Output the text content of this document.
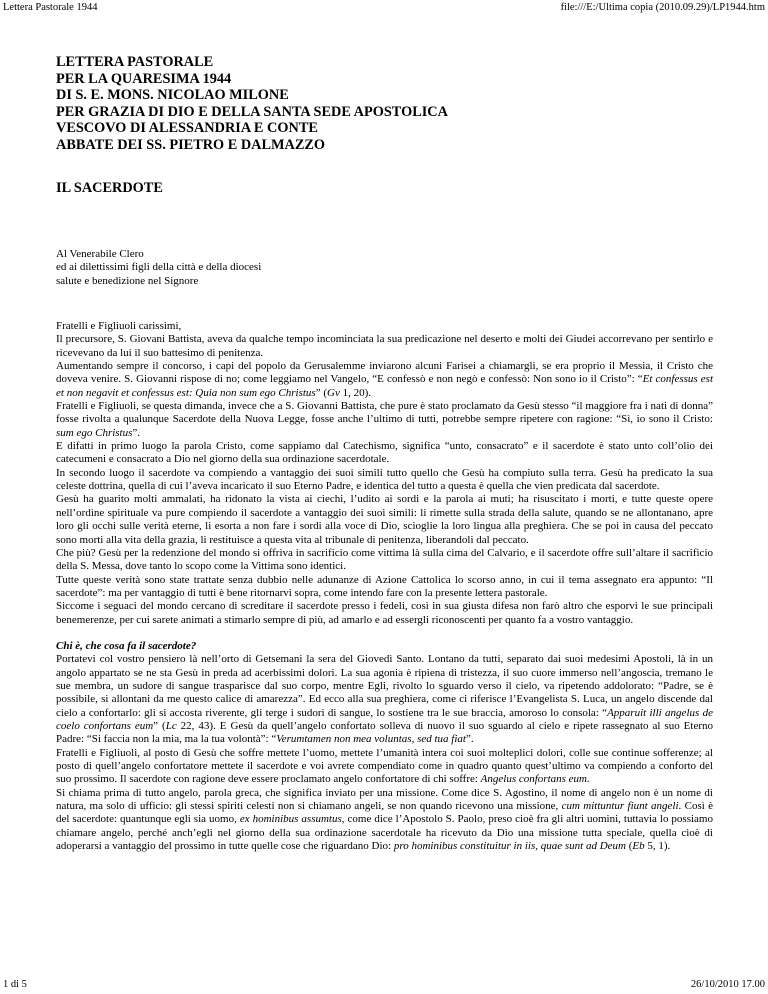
Lettera Pastorale 1944	file:///E:/Ultima copia (2010.09.29)/LP1944.htm
LETTERA PASTORALE
PER LA QUARESIMA 1944
DI S. E. MONS. NICOLAO MILONE
PER GRAZIA DI DIO E DELLA SANTA SEDE APOSTOLICA
VESCOVO DI ALESSANDRIA E CONTE
ABBATE DEI SS. PIETRO E DALMAZZO
IL SACERDOTE
Al Venerabile Clero
ed ai dilettissimi figli della città e della diocesi
salute e benedizione nel Signore

Fratelli e Figliuoli carissimi,

Il precursore, S. Giovani Battista, aveva da qualche tempo incominciata la sua predicazione nel deserto e molti dei Giudei accorrevano per sentirlo e ricevevano da lui il suo battesimo di penitenza.

Aumentando sempre il concorso, i capi del popolo da Gerusalemme inviarono alcuni Farisei a chiamargli, se era proprio il Messia, il Cristo che doveva venire. S. Giovanni rispose di no; come leggiamo nel Vangelo, “E confessò e non negò e confessò: Non sono io il Cristo”: “Et confessus est et non negavit et confessus est: Quia non sum ego Christus” (Gv 1, 20).

Fratelli e Figliuoli, se questa dimanda, invece che a S. Giovanni Battista, che pure è stato proclamato da Gesù stesso “il maggiore fra i nati di donna” fosse rivolta a qualunque Sacerdote della Nuova Legge, fosse anche l’ultimo di tutti, potrebbe sempre ripetere con ragione: “Sì, io sono il Cristo: sum ego Christus”.

E difatti in primo luogo la parola Cristo, come sappiamo dal Catechismo, significa “unto, consacrato” e il sacerdote è stato unto coll’olio dei catecumeni e consacrato a Dio nel giorno della sua ordinazione sacerdotale.

In secondo luogo il sacerdote va compiendo a vantaggio dei suoi simili tutto quello che Gesù ha compiuto sulla terra. Gesù ha predicato la sua celeste dottrina, quella di cui l’aveva incaricato il suo Eterno Padre, e identica del tutto a questa è quella che vien predicata dal sacerdote.

Gesù ha guarito molti ammalati, ha ridonato la vista ai ciechi, l’udito ai sordi e la parola ai muti; ha risuscitato i morti, e tutte queste opere nell’ordine spirituale va pure compiendo il sacerdote a vantaggio dei suoi simili: li rimette sulla strada della salute, quando se ne allontanano, apre loro gli occhi sulle verità eterne, li esorta a non fare i sordi alla voce di Dio, scioglie la loro lingua alla preghiera. Che se poi in causa del peccato sono morti alla vita della grazia, li restituisce a questa vita al tribunale di penitenza, liberandoli dal peccato.

Che più? Gesù per la redenzione del mondo si offrìva in sacrificio come vittima là sulla cima del Calvario, e il sacerdote offre sull’altare il sacrificio della S. Messa, dove tanto lo scopo come la Vittima sono identici.

Tutte queste verità sono state trattate senza dubbio nelle adunanze di Azione Cattolica lo scorso anno, in cui il tema assegnato era appunto: “Il sacerdote”: ma per vantaggio di tutti è bene ritornarvi sopra, come intendo fare con la presente lettera pastorale.

Siccome i seguaci del mondo cercano di screditare il sacerdote presso i fedeli, così in sua giusta difesa non farò altro che esporvi le sue principali benemerenze, per cui sarete animati a stimarlo sempre di più, ad amarlo e ad essergli riconoscenti per quanto fa a vostro vantaggio.

Chi è, che cosa fa il sacerdote?

Portatevi col vostro pensiero là nell’orto di Getsemani la sera del Giovedì Santo. Lontano da tutti, separato dai suoi medesimi Apostoli, là in un angolo appartato se ne sta Gesù in preda ad acerbissimi dolori. La sua agonia è ripiena di tristezza, il suo cuore immerso nell’angoscia, tremano le sue membra, un sudore di sangue trasparisce dal suo corpo, mentre Egli, rivolto lo sguardo verso il cielo, va ripetendo addolorato: “Padre, se è possibile, si allontani da me questo calice di amarezza”. Ed ecco alla sua preghiera, come ci riferisce l’Evangelista S. Luca, un angelo discende dal cielo a confortarlo: gli si accosta riverente, gli terge i sudori di sangue, lo sostiene tra le sue braccia, amoroso lo consola: “Apparuit illi angelus de coelo confortans eum” (Lc 22, 43). E Gesù da quell’angelo confortato solleva di nuovo il suo sguardo al cielo e ripete rassegnato al suo Eterno Padre: “Si faccia non la mia, ma la tua volontà”: “Verumtamen non mea voluntas, sed tua fiat”.

Fratelli e Figliuoli, al posto di Gesù che soffre mettete l’uomo, mettete l’umanità intera coi suoi molteplici dolori, colle sue continue sofferenze; al posto di quell’angelo confortatore mettete il sacerdote e voi avrete compendiato come in quadro quanto quest’ultimo va compiendo a conforto del suo prossimo. Il sacerdote con ragione deve essere proclamato angelo confortatore di chi soffre: Angelus confortans eum.

Si chiama prima di tutto angelo, parola greca, che significa inviato per una missione. Come dice S. Agostino, il nome di angelo non è un nome di natura, ma solo di ufficio: gli stessi spiriti celesti non si chiamano angeli, se non quando ricevono una missione, cum mittuntur fiunt angeli. Così è del sacerdote: quantunque egli sia uomo, ex hominibus assumtus, come dice l’Apostolo S. Paolo, preso cioè fra gli altri uomini, tuttavia lo possiamo chiamare angelo, perché anch’egli nel giorno della sua ordinazione sacerdotale ha ricevuto da Dio una missione tutta speciale, quella cioè di adoperarsi a vantaggio del prossimo in tutte quelle cose che riguardano Dio: pro hominibus constituitur in iis, quae sunt ad Deum (Eb 5, 1).

1 di 5	26/10/2010 17.00
